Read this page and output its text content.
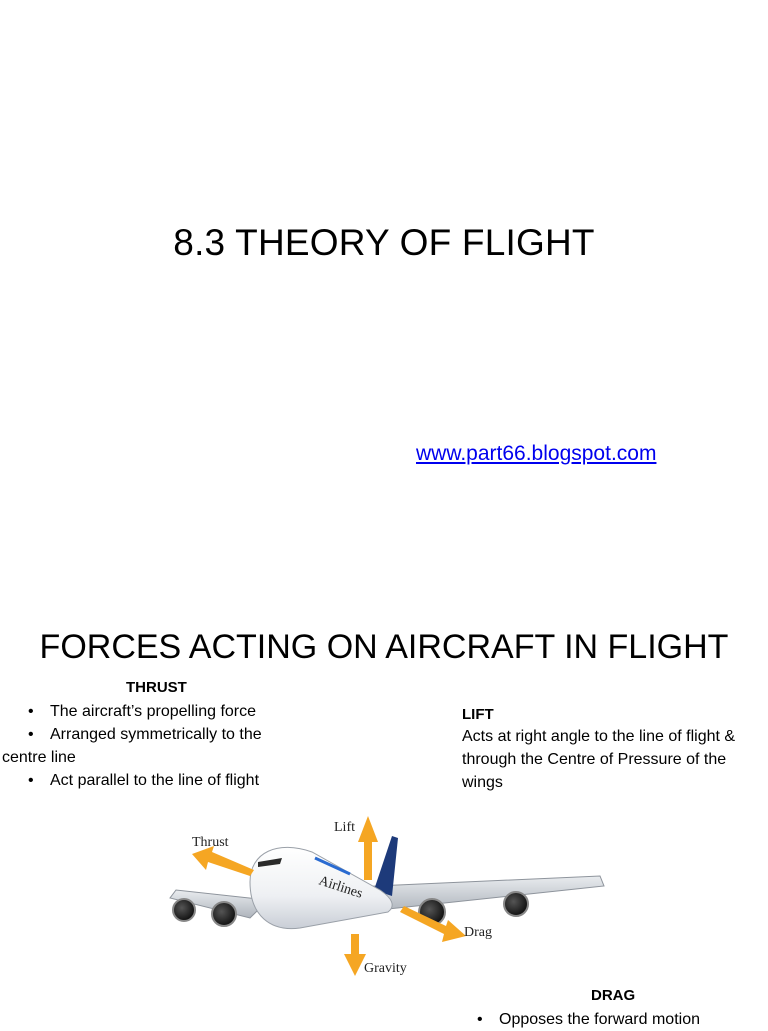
8.3 THEORY OF FLIGHT
www.part66.blogspot.com
FORCES ACTING ON AIRCRAFT IN FLIGHT
THRUST
• The aircraft’s propelling force
• Arranged symmetrically to the
centre line
• Act parallel to the line of flight
LIFT
Acts at right angle to the line of flight & through the Centre of Pressure of the wings
DRAG
• Opposes the forward motion
Airlines
Thrust
Lift
Drag
Gravity
